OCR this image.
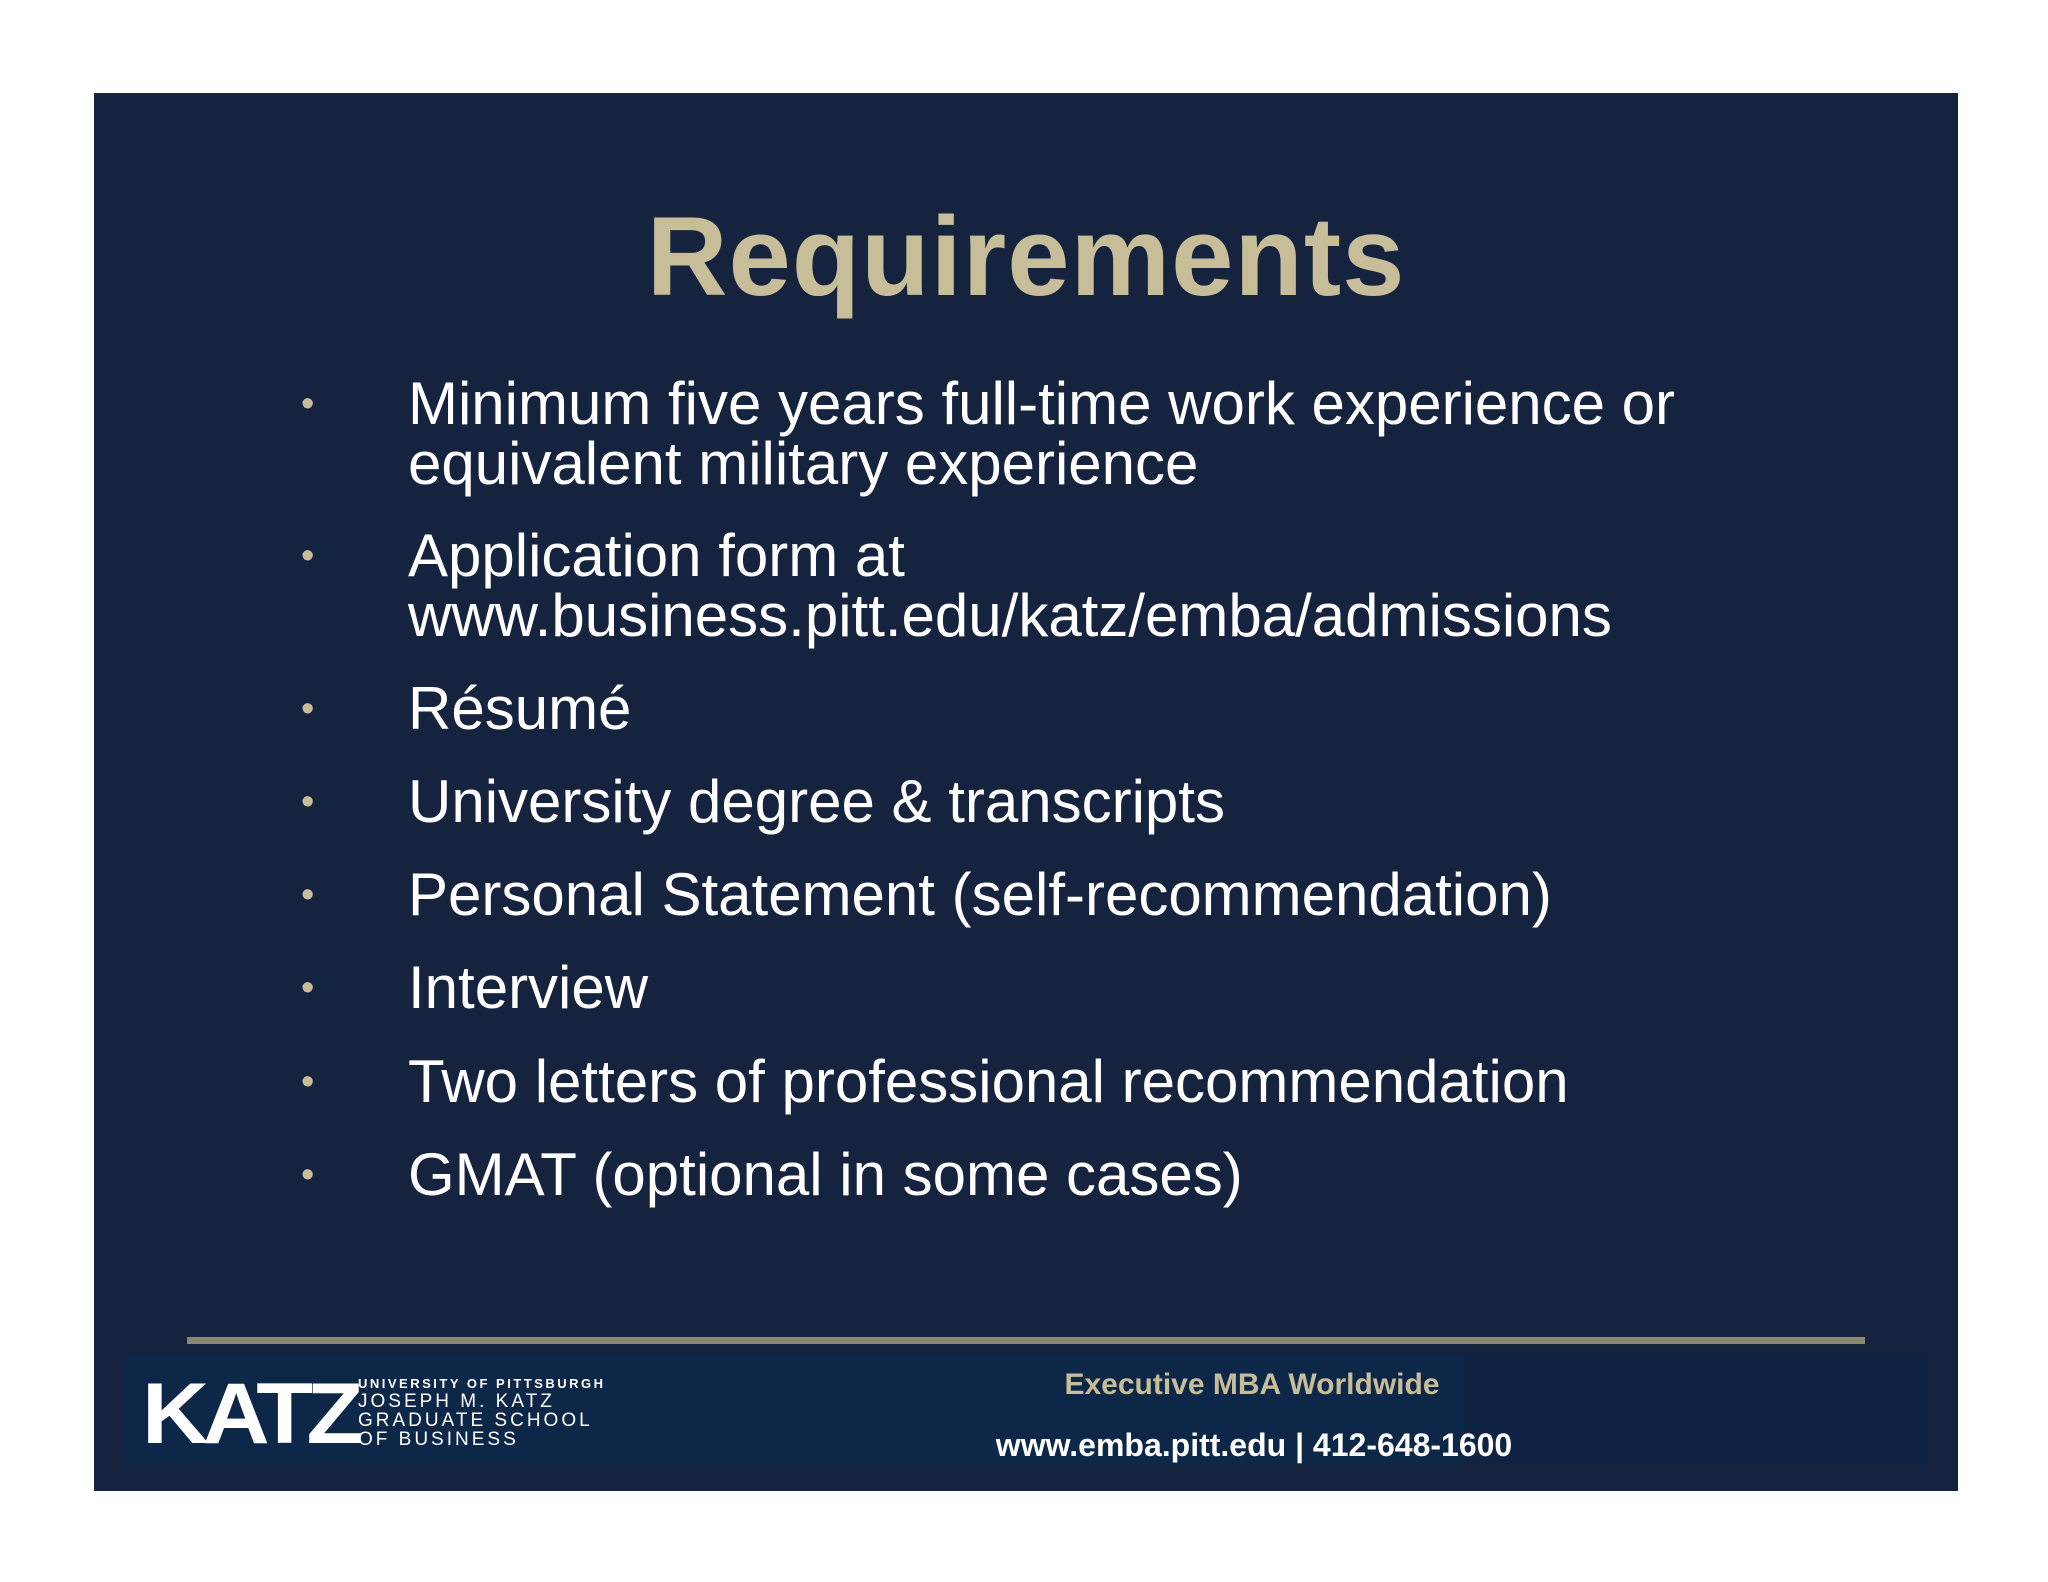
Requirements
• Minimum five years full-time work experience or
equivalent military experience
• Application form at
www.business.pitt.edu/katz/emba/admissions
• Résumé
• University degree & transcripts
• Personal Statement (self-recommendation)
• Interview
• Two letters of professional recommendation
• GMAT (optional in some cases)
KATZ UNIVERSITY OF PITTSBURGH
JOSEPH M. KATZ
GRADUATE SCHOOL
OF BUSINESS
Executive MBA Worldwide
www.emba.pitt.edu | 412-648-1600
